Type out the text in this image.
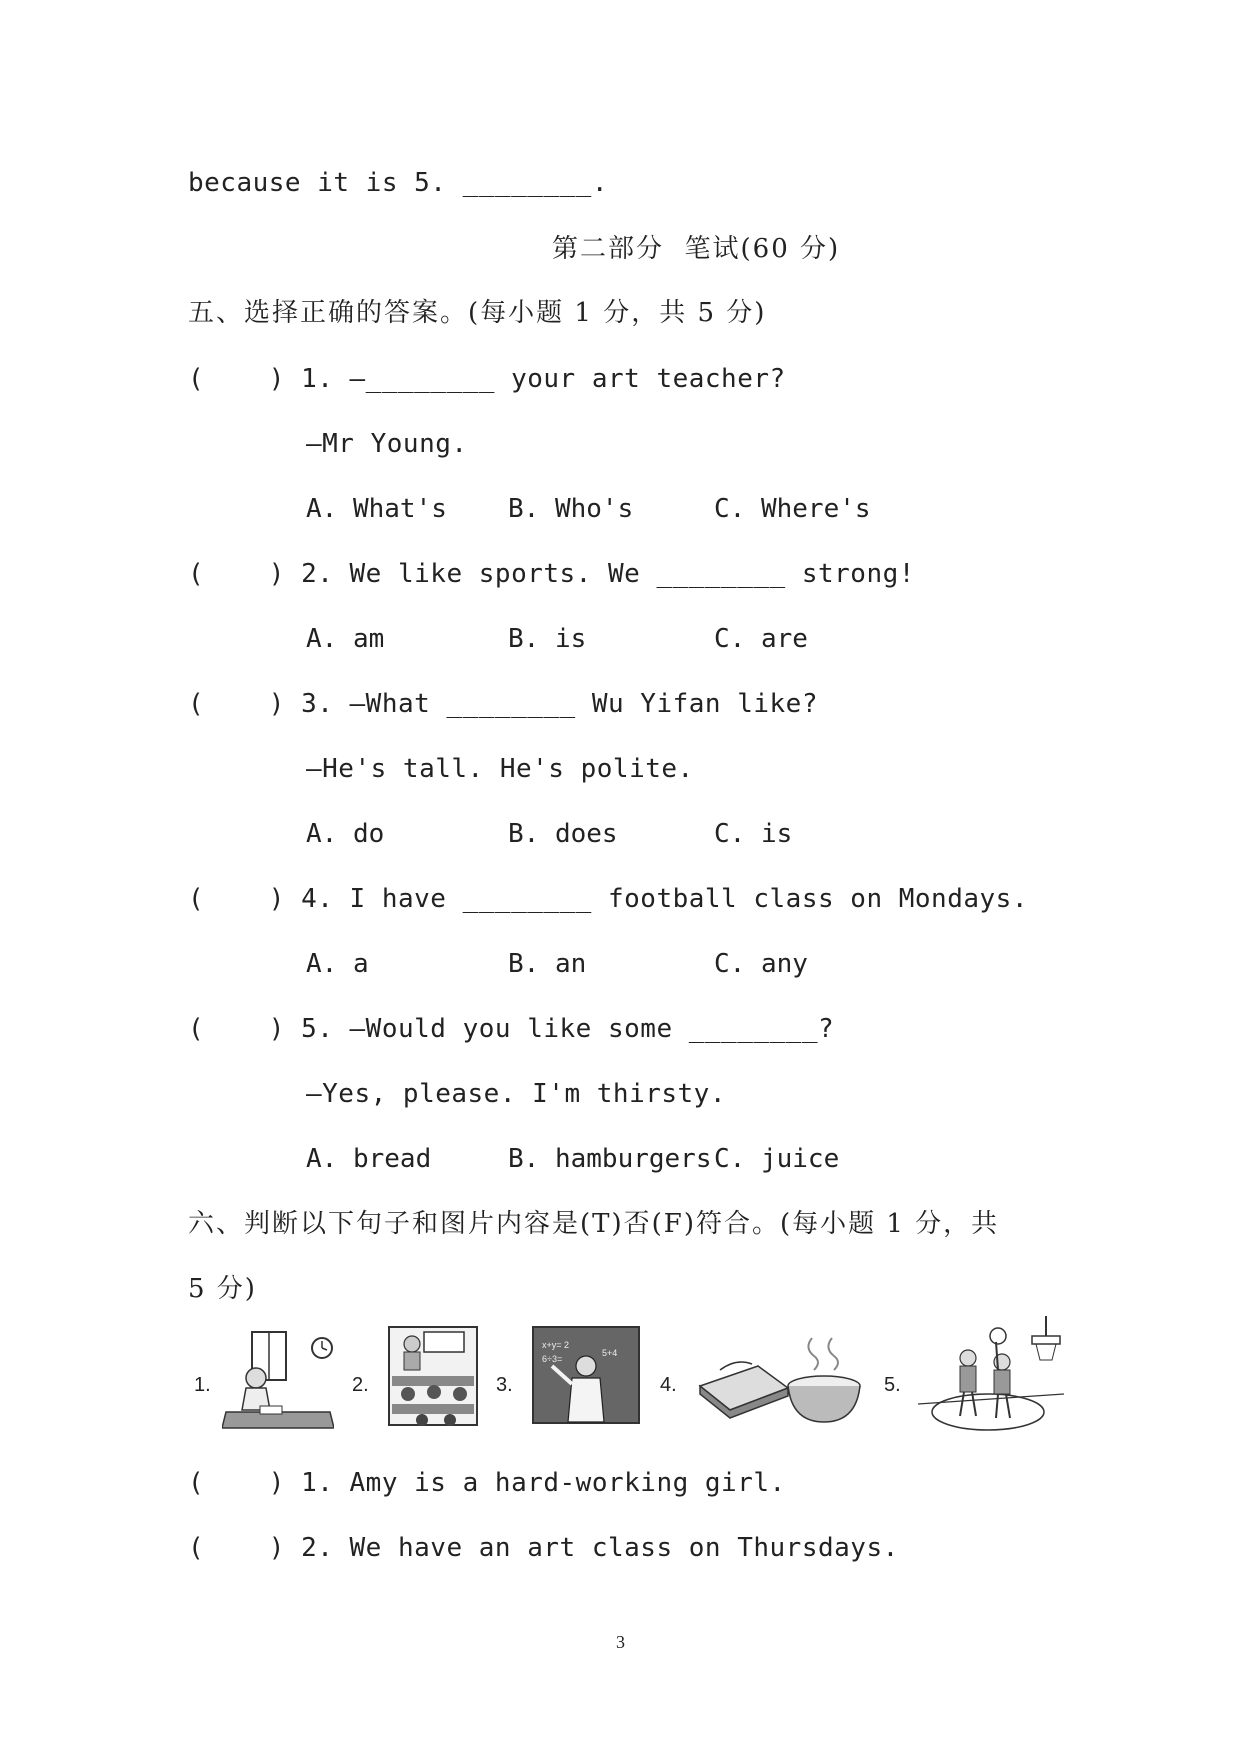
because it is 5. ________.
第二部分  笔试(60 分)
五、选择正确的答案。(每小题 1 分，共 5 分)
(    ) 1. —________ your art teacher?
—Mr Young.
A. What's B. Who's	C. Where's
(    ) 2. We like sports. We ________ strong!
A. am	B. is	C. are
(    ) 3. —What ________ Wu Yifan like?
—He's tall. He's polite.
A. do	B. does	C. is
(    ) 4. I have ________ football class on Mondays.
A. a	B. an	C. any
(    ) 5. —Would you like some ________?
—Yes, please. I'm thirsty.
A. bread	B. hamburgers C. juice
六、判断以下句子和图片内容是(T)否(F)符合。(每小题 1 分，共
5 分)
1.	2.	3.
x+y= 2
6÷3=
5+4
4.	5.
(    ) 1. Amy is a hard-working girl.
(    ) 2. We have an art class on Thursdays.
3
